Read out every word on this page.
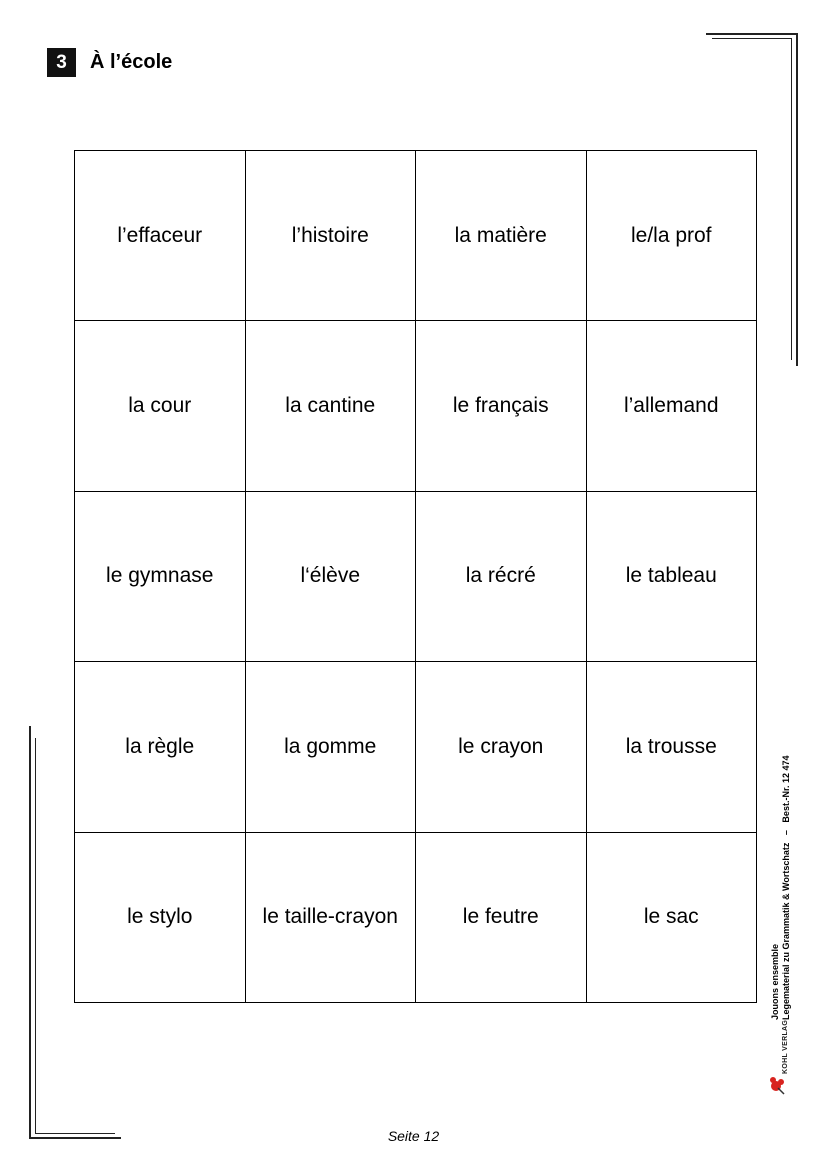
3	À l’école
l’effaceur	l’histoire	la matière	le/la prof
la cour	la cantine	le français	l’allemand
le gymnase	l‘élève	la récré	le tableau
la règle	la gomme	le crayon	la trousse
le stylo	le taille-crayon	le feutre	le sac
Jouons ensemble Legematerial zu Grammatik & Wortschatz   –   Best.-Nr. 12 474
KOHL VERLAG
Seite 12
